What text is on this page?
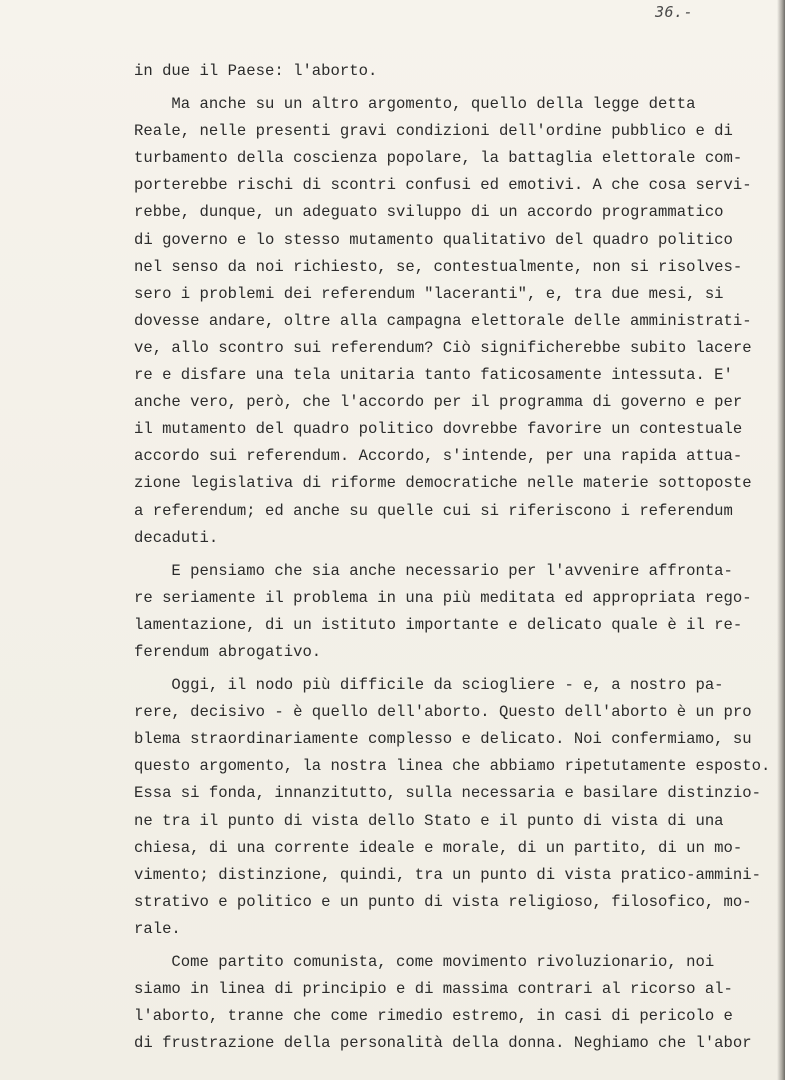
36.-
in due il Paese: l'aborto.
Ma anche su un altro argomento, quello della legge detta
Reale, nelle presenti gravi condizioni dell'ordine pubblico e di
turbamento della coscienza popolare, la battaglia elettorale com-
porterebbe rischi di scontri confusi ed emotivi. A che cosa servi-
rebbe, dunque, un adeguato sviluppo di un accordo programmatico
di governo e lo stesso mutamento qualitativo del quadro politico
nel senso da noi richiesto, se, contestualmente, non si risolves-
sero i problemi dei referendum "laceranti", e, tra due mesi, si
dovesse andare, oltre alla campagna elettorale delle amministrati-
ve, allo scontro sui referendum? Ciò significherebbe subito lacere
re e disfare una tela unitaria tanto faticosamente intessuta. E'
anche vero, però, che l'accordo per il programma di governo e per
il mutamento del quadro politico dovrebbe favorire un contestuale
accordo sui referendum. Accordo, s'intende, per una rapida attua-
zione legislativa di riforme democratiche nelle materie sottoposte
a referendum; ed anche su quelle cui si riferiscono i referendum
decaduti.
E pensiamo che sia anche necessario per l'avvenire affronta-
re seriamente il problema in una più meditata ed appropriata rego-
lamentazione, di un istituto importante e delicato quale è il re-
ferendum abrogativo.
Oggi, il nodo più difficile da sciogliere - e, a nostro pa-
rere, decisivo - è quello dell'aborto. Questo dell'aborto è un pro
blema straordinariamente complesso e delicato. Noi confermiamo, su
questo argomento, la nostra linea che abbiamo ripetutamente esposto.
Essa si fonda, innanzitutto, sulla necessaria e basilare distinzio-
ne tra il punto di vista dello Stato e il punto di vista di una
chiesa, di una corrente ideale e morale, di un partito, di un mo-
vimento; distinzione, quindi, tra un punto di vista pratico-ammini-
strativo e politico e un punto di vista religioso, filosofico, mo-
rale.
Come partito comunista, come movimento rivoluzionario, noi
siamo in linea di principio e di massima contrari al ricorso al-
l'aborto, tranne che come rimedio estremo, in casi di pericolo e
di frustrazione della personalità della donna. Neghiamo che l'abor
